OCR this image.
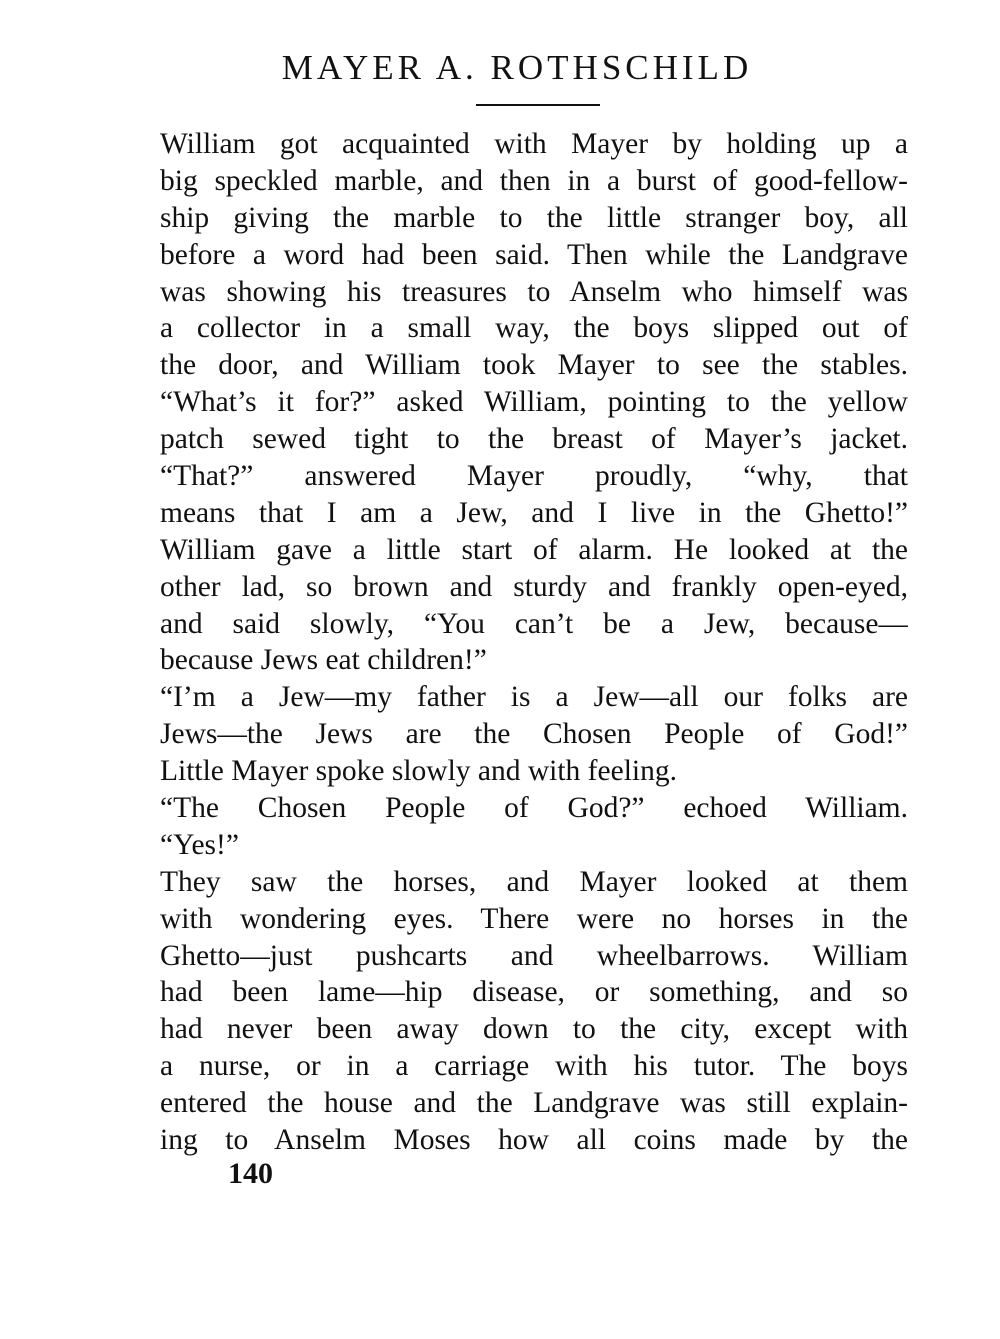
MAYER A. ROTHSCHILD
William got acquainted with Mayer by holding up a
big speckled marble, and then in a burst of good-fellow-
ship giving the marble to the little stranger boy, all
before a word had been said. Then while the Landgrave
was showing his treasures to Anselm who himself was
a collector in a small way, the boys slipped out of
the door, and William took Mayer to see the stables.
“What’s it for?” asked William, pointing to the yellow
patch sewed tight to the breast of Mayer’s jacket.
“That?” answered Mayer proudly, “why, that
means that I am a Jew, and I live in the Ghetto!”
William gave a little start of alarm. He looked at the
other lad, so brown and sturdy and frankly open-eyed,
and said slowly, “You can’t be a Jew, because—
because Jews eat children!”
“I’m a Jew—my father is a Jew—all our folks are
Jews—the Jews are the Chosen People of God!”
Little Mayer spoke slowly and with feeling.
“The Chosen People of God?” echoed William.
“Yes!”
They saw the horses, and Mayer looked at them
with wondering eyes. There were no horses in the
Ghetto—just pushcarts and wheelbarrows. William
had been lame—hip disease, or something, and so
had never been away down to the city, except with
a nurse, or in a carriage with his tutor. The boys
entered the house and the Landgrave was still explain-
ing to Anselm Moses how all coins made by the
140
